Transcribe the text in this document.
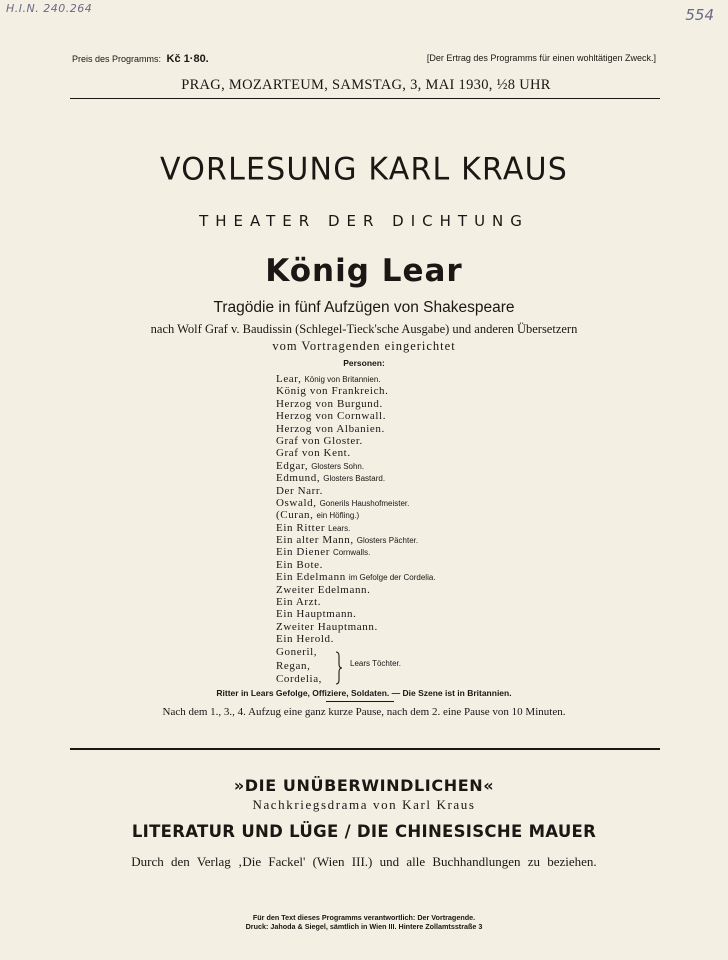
H.I.N. 240.264	554
Preis des Programms: Kč 1·80.	[Der Ertrag des Programms für einen wohltätigen Zweck.]
PRAG, MOZARTEUM, SAMSTAG, 3, MAI 1930, ½8 UHR
VORLESUNG KARL KRAUS
THEATER DER DICHTUNG
König Lear
Tragödie in fünf Aufzügen von Shakespeare
nach Wolf Graf v. Baudissin (Schlegel-Tieck'sche Ausgabe) und anderen Übersetzern
vom Vortragenden eingerichtet
Personen:
Lear, König von Britannien.
König von Frankreich.
Herzog von Burgund.
Herzog von Cornwall.
Herzog von Albanien.
Graf von Gloster.
Graf von Kent.
Edgar, Glosters Sohn.
Edmund, Glosters Bastard.
Der Narr.
Oswald, Gonerils Haushofmeister.
(Curan, ein Höfling.)
Ein Ritter Lears.
Ein alter Mann, Glosters Pächter.
Ein Diener Cornwalls.
Ein Bote.
Ein Edelmann im Gefolge der Cordelia.
Zweiter Edelmann.
Ein Arzt.
Ein Hauptmann.
Zweiter Hauptmann.
Ein Herold.
Goneril,
Regan,
Cordelia,
Lears Töchter.
Ritter in Lears Gefolge, Offiziere, Soldaten. — Die Szene ist in Britannien.
Nach dem 1., 3., 4. Aufzug eine ganz kurze Pause, nach dem 2. eine Pause von 10 Minuten.
»DIE UNÜBERWINDLICHEN«
Nachkriegsdrama von Karl Kraus
LITERATUR UND LÜGE / DIE CHINESISCHE MAUER
Durch den Verlag ‚Die Fackel' (Wien III.) und alle Buchhandlungen zu beziehen.
Für den Text dieses Programms verantwortlich: Der Vortragende.
Druck: Jahoda & Siegel, sämtlich in Wien III. Hintere Zollamtsstraße 3
